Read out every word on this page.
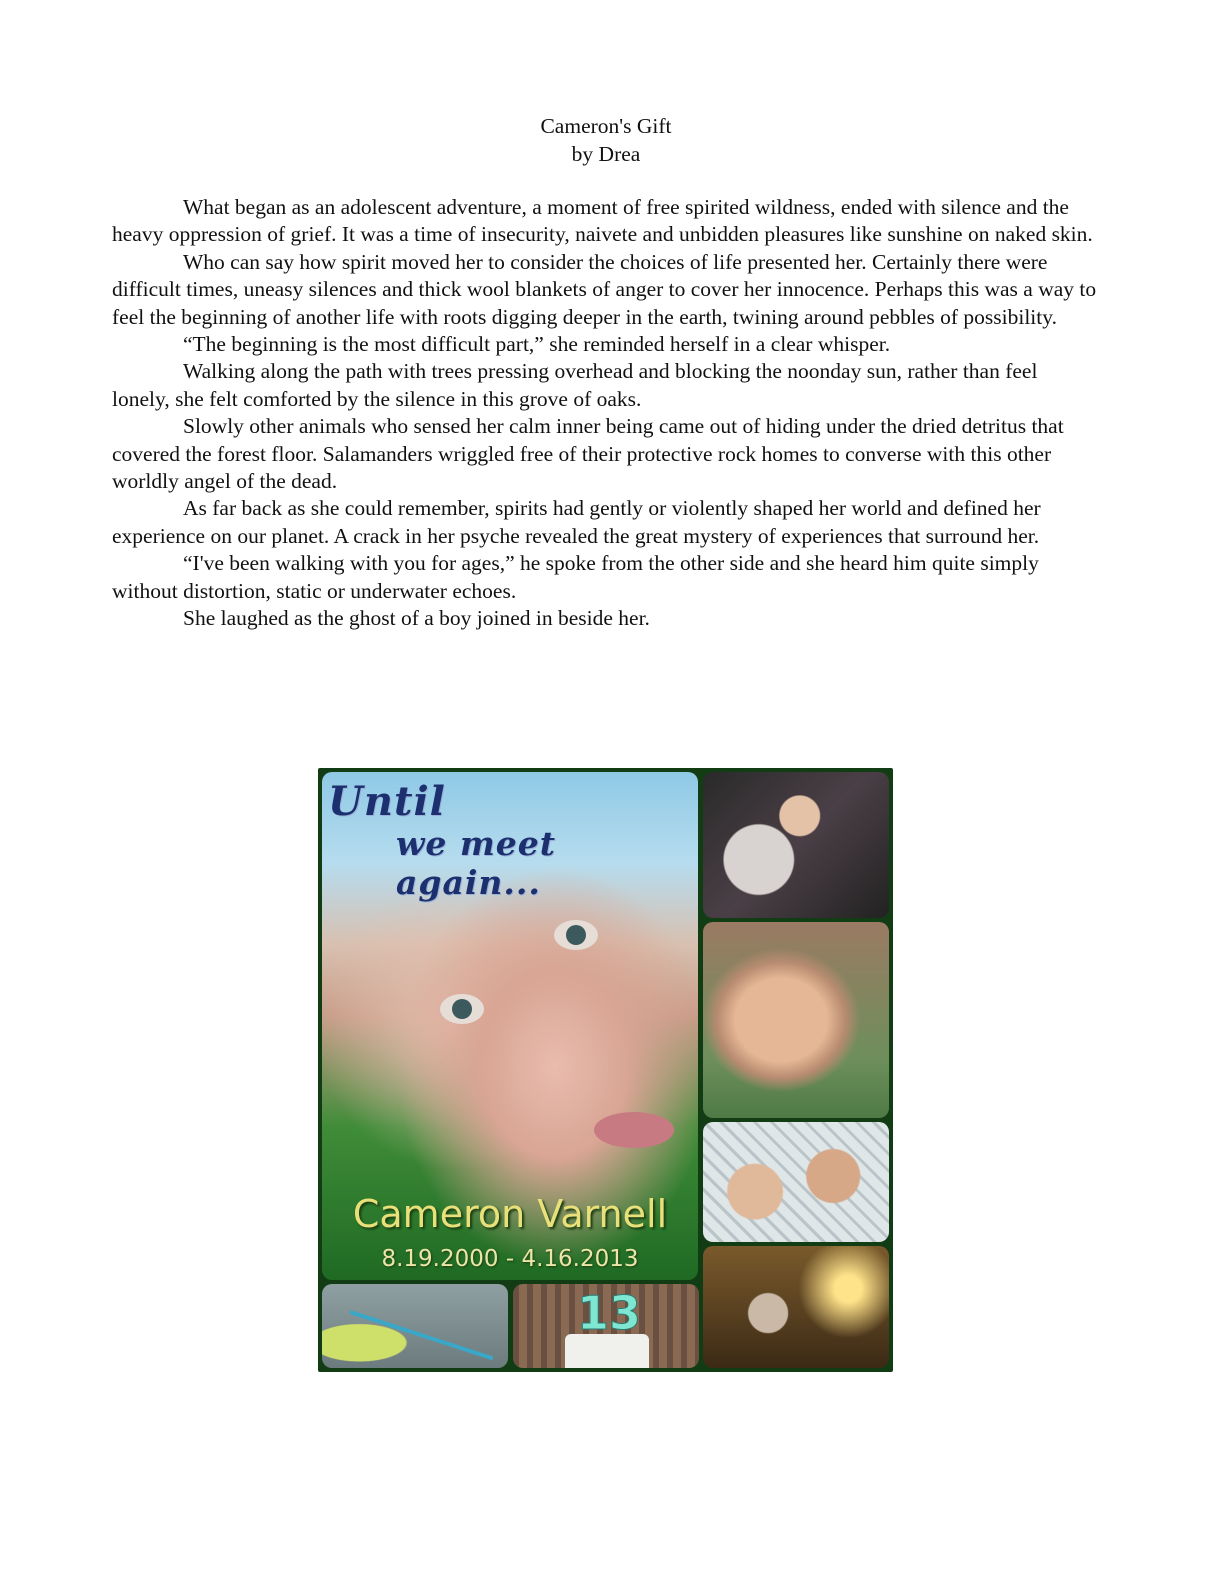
Cameron's Gift
by Drea

What began as an adolescent adventure, a moment of free spirited wildness, ended with silence and the heavy oppression of grief. It was a time of insecurity, naivete and unbidden pleasures like sunshine on naked skin.

Who can say how spirit moved her to consider the choices of life presented her. Certainly there were difficult times, uneasy silences and thick wool blankets of anger to cover her innocence. Perhaps this was a way to feel the beginning of another life with roots digging deeper in the earth, twining around pebbles of possibility.

“The beginning is the most difficult part,” she reminded herself in a clear whisper.

Walking along the path with trees pressing overhead and blocking the noonday sun, rather than feel lonely, she felt comforted by the silence in this grove of oaks.

Slowly other animals who sensed her calm inner being came out of hiding under the dried detritus that covered the forest floor. Salamanders wriggled free of their protective rock homes to converse with this other worldly angel of the dead.

As far back as she could remember, spirits had gently or violently shaped her world and defined her experience on our planet. A crack in her psyche revealed the great mystery of experiences that surround her.

“I've been walking with you for ages,” he spoke from the other side and she heard him quite simply without distortion, static or underwater echoes.

She laughed as the ghost of a boy joined in beside her.

Until
we meet again...
Cameron Varnell
8.19.2000 - 4.16.2013
13
